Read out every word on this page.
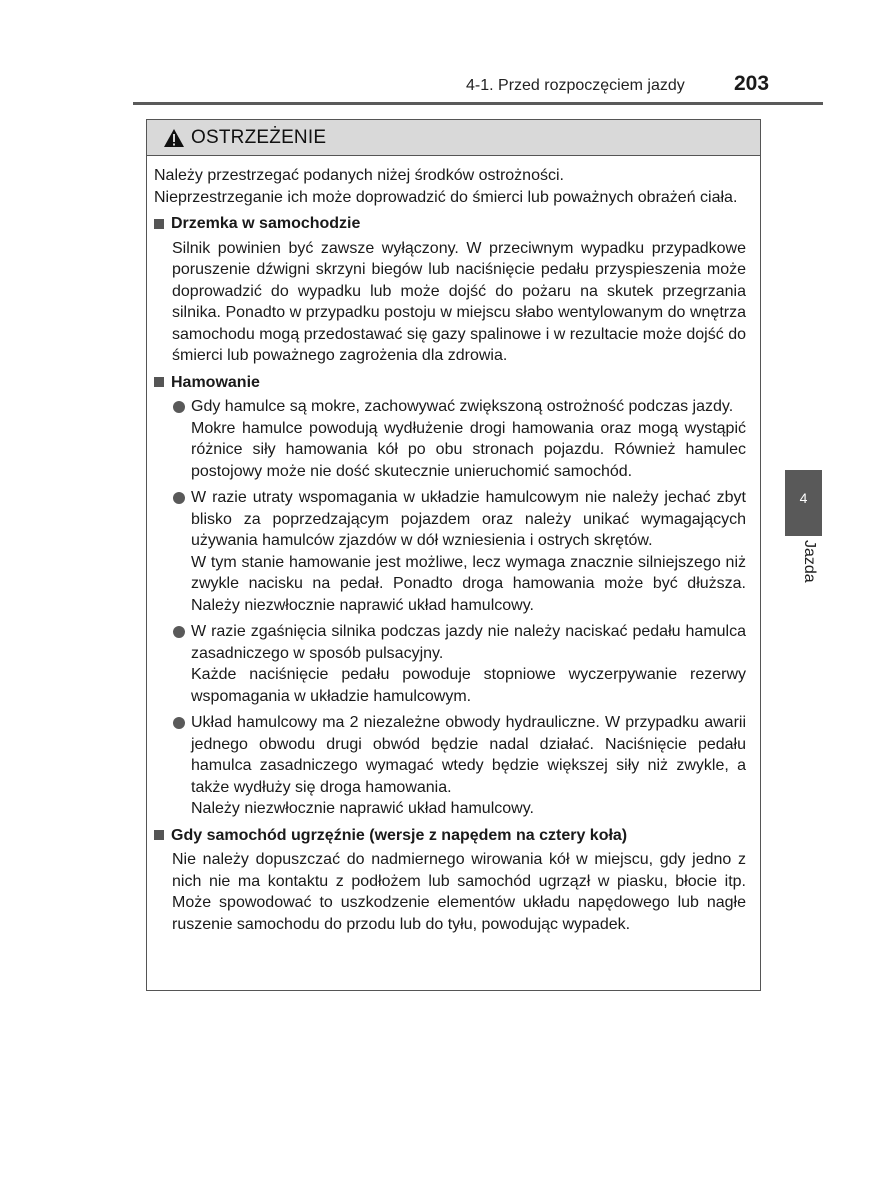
4-1. Przed rozpoczęciem jazdy 203
4
Jazda
OSTRZEŻENIE

Należy przestrzegać podanych niżej środków ostrożności.

Nieprzestrzeganie ich może doprowadzić do śmierci lub poważnych obrażeń ciała.

Drzemka w samochodzie

Silnik powinien być zawsze wyłączony. W przeciwnym wypadku przypadkowe poruszenie dźwigni skrzyni biegów lub naciśnięcie pedału przyspieszenia może doprowadzić do wypadku lub może dojść do pożaru na skutek przegrzania silnika. Ponadto w przypadku postoju w miejscu słabo wentylowanym do wnętrza samochodu mogą przedostawać się gazy spalinowe i w rezultacie może dojść do śmierci lub poważnego zagrożenia dla zdrowia.

Hamowanie

Gdy hamulce są mokre, zachowywać zwiększoną ostrożność podczas jazdy.

Mokre hamulce powodują wydłużenie drogi hamowania oraz mogą wystąpić różnice siły hamowania kół po obu stronach pojazdu. Również hamulec postojowy może nie dość skutecznie unieruchomić samochód.

W razie utraty wspomagania w układzie hamulcowym nie należy jechać zbyt blisko za poprzedzającym pojazdem oraz należy unikać wymagających używania hamulców zjazdów w dół wzniesienia i ostrych skrętów.

W tym stanie hamowanie jest możliwe, lecz wymaga znacznie silniejszego niż zwykle nacisku na pedał. Ponadto droga hamowania może być dłuższa. Należy niezwłocznie naprawić układ hamulcowy.

W razie zgaśnięcia silnika podczas jazdy nie należy naciskać pedału hamulca zasadniczego w sposób pulsacyjny.

Każde naciśnięcie pedału powoduje stopniowe wyczerpywanie rezerwy wspomagania w układzie hamulcowym.

Układ hamulcowy ma 2 niezależne obwody hydrauliczne. W przypadku awarii jednego obwodu drugi obwód będzie nadal działać. Naciśnięcie pedału hamulca zasadniczego wymagać wtedy będzie większej siły niż zwykle, a także wydłuży się droga hamowania.

Należy niezwłocznie naprawić układ hamulcowy.

Gdy samochód ugrzęźnie (wersje z napędem na cztery koła)

Nie należy dopuszczać do nadmiernego wirowania kół w miejscu, gdy jedno z nich nie ma kontaktu z podłożem lub samochód ugrzązł w piasku, błocie itp. Może spowodować to uszkodzenie elementów układu napędowego lub nagłe ruszenie samochodu do przodu lub do tyłu, powodując wypadek.
